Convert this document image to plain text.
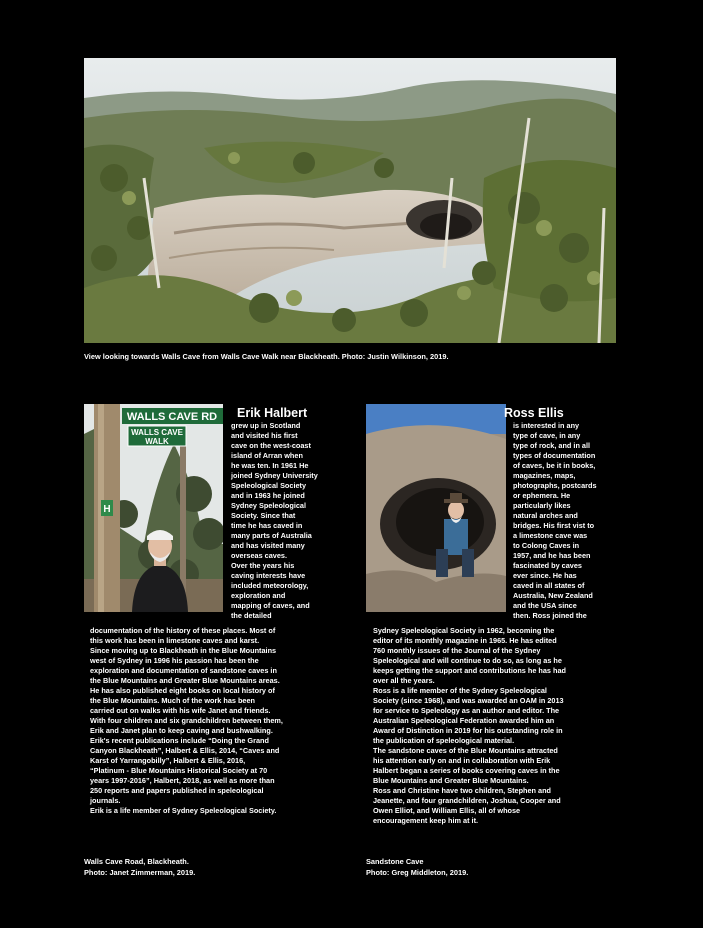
View looking towards Walls Cave from Walls Cave Walk near Blackheath. Photo: Justin Wilkinson, 2019.
WALLS CAVE RD
WALLS CAVE
WALK
H
Erik Halbert
grew up in Scotland
and visited his first
cave on the west-coast
island of Arran when
he was ten. In 1961 He
joined Sydney University
Speleological Society
and in 1963 he joined
Sydney Speleological
Society. Since that
time he has caved in
many parts of Australia
and has visited many
overseas caves.
Over the years his
caving interests have
included meteorology,
exploration and
mapping of caves, and
the detailed
documentation of the history of these places. Most of
this work has been in limestone caves and karst.
Since moving up to Blackheath in the Blue Mountains
west of Sydney in 1996 his passion has been the
exploration and documentation of sandstone caves in
the Blue Mountains and Greater Blue Mountains areas.
He has also published eight books on local history of
the Blue Mountains. Much of the work has been
carried out on walks with his wife Janet and friends.
With four children and six grandchildren between them,
Erik and Janet plan to keep caving and bushwalking.
Erik's recent publications include “Doing the Grand
Canyon Blackheath”, Halbert & Ellis, 2014, “Caves and
Karst of Yarrangobilly”, Halbert & Ellis, 2016,
“Platinum - Blue Mountains Historical Society at 70
years 1997-2016”, Halbert, 2018, as well as more than
250 reports and papers published in speleological
journals.
Erik is a life member of Sydney Speleological Society.
Ross Ellis
is interested in any
type of cave, in any
type of rock, and in all
types of documentation
of caves, be it in books,
magazines, maps,
photographs, postcards
or ephemera. He
particularly likes
natural arches and
bridges. His first vist to
a limestone cave was
to Colong Caves in
1957, and he has been
fascinated by caves
ever since. He has
caved in all states of
Australia, New Zealand
and the USA since
then. Ross joined the
Sydney Speleological Society in 1962, becoming the
editor of its monthly magazine in 1965. He has edited
760 monthly issues of the Journal of the Sydney
Speleological and will continue to do so, as long as he
keeps getting the support and contributions he has had
over all the years.
Ross is a life member of the Sydney Speleological
Society (since 1968), and was awarded an OAM in 2013
for service to Speleology as an author and editor. The
Australian Speleological Federation awarded him an
Award of Distinction in 2019 for his outstanding role in
the publication of speleological material.
The sandstone caves of the Blue Mountains attracted
his attention early on and in collaboration with Erik
Halbert began a series of books covering caves in the
Blue Mountains and Greater Blue Mountains.
Ross and Christine have two children, Stephen and
Jeanette, and four grandchildren, Joshua, Cooper and
Owen Elliot, and William Ellis, all of whose
encouragement keep him at it.
Walls Cave Road, Blackheath.
Photo: Janet Zimmerman, 2019.
Sandstone Cave
Photo: Greg Middleton, 2019.
